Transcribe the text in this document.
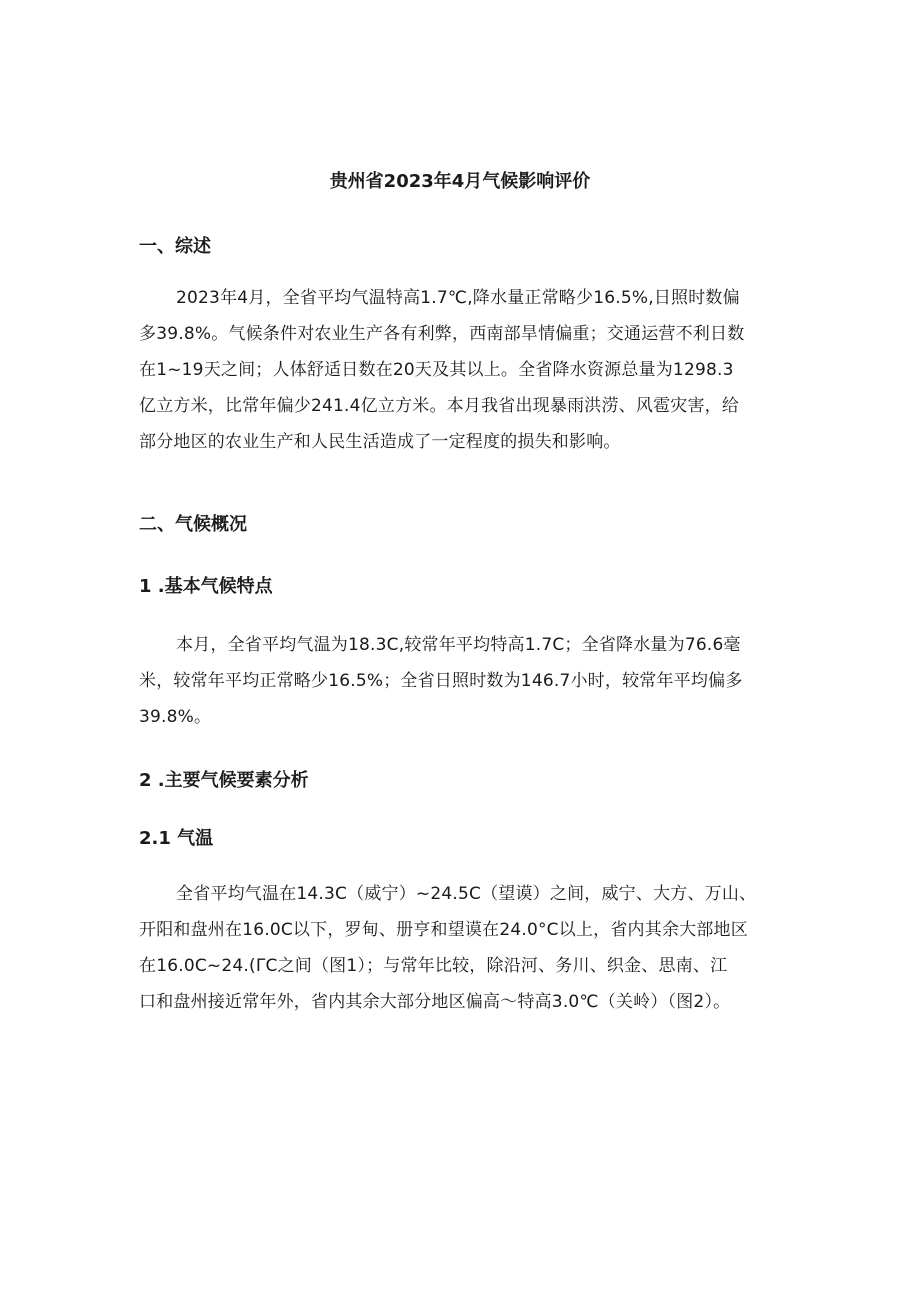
贵州省2023年4月气候影响评价
一、综述

2023年4月，全省平均气温特高1.7℃,降水量正常略少16.5%,日照时数偏
多39.8%。气候条件对农业生产各有利弊，西南部旱情偏重；交通运营不利日数
在1~19天之间；人体舒适日数在20天及其以上。全省降水资源总量为1298.3
亿立方米，比常年偏少241.4亿立方米。本月我省出现暴雨洪涝、风雹灾害，给
部分地区的农业生产和人民生活造成了一定程度的损失和影响。

二、气候概况
1 .基本气候特点

本月，全省平均气温为18.3C,较常年平均特高1.7C；全省降水量为76.6毫
米，较常年平均正常略少16.5%；全省日照时数为146.7小时，较常年平均偏多
39.8%。

2 .主要气候要素分析
2.1 气温

全省平均气温在14.3C（威宁）~24.5C（望谟）之间，威宁、大方、万山、
开阳和盘州在16.0C以下，罗甸、册亨和望谟在24.0°C以上，省内其余大部地区
在16.0C~24.(ΓC之间（图1）；与常年比较，除沿河、务川、织金、思南、江
口和盘州接近常年外，省内其余大部分地区偏高～特高3.0℃（关岭）（图2）。
